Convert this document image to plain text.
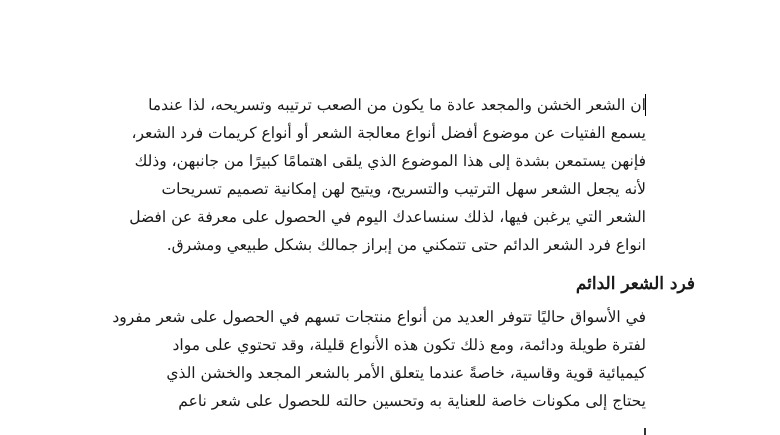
ان الشعر الخشن والمجعد عادة ما يكون من الصعب ترتيبه وتسريحه، لذا عندما
يسمع الفتيات عن موضوع أفضل أنواع معالجة الشعر أو أنواع كريمات فرد الشعر،
فإنهن يستمعن بشدة إلى هذا الموضوع الذي يلقى اهتمامًا كبيرًا من جانبهن، وذلك
لأنه يجعل الشعر سهل الترتيب والتسريح، ويتيح لهن إمكانية تصميم تسريحات
الشعر التي يرغبن فيها، لذلك سنساعدك اليوم في الحصول على معرفة عن افضل
انواع فرد الشعر الدائم حتى تتمكني من إبراز جمالك بشكل طبيعي ومشرق.
فرد الشعر الدائم
في الأسواق حاليًا تتوفر العديد من أنواع منتجات تسهم في الحصول على شعر مفرود
لفترة طويلة ودائمة، ومع ذلك تكون هذه الأنواع قليلة، وقد تحتوي على مواد
كيميائية قوية وقاسية، خاصةً عندما يتعلق الأمر بالشعر المجعد والخشن الذي
يحتاج إلى مكونات خاصة للعناية به وتحسين حالته للحصول على شعر ناعم
